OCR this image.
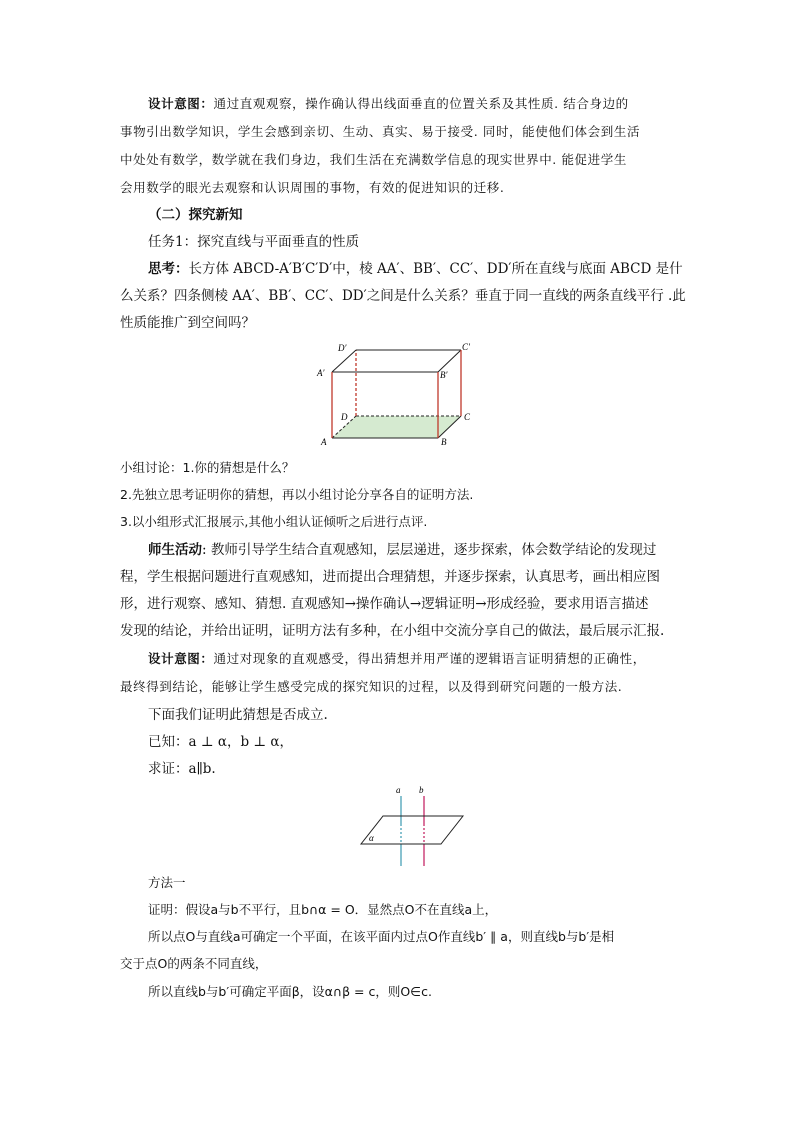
设计意图：通过直观观察，操作确认得出线面垂直的位置关系及其性质. 结合身边的
事物引出数学知识，学生会感到亲切、生动、真实、易于接受. 同时，能使他们体会到生活
中处处有数学，数学就在我们身边，我们生活在充满数学信息的现实世界中. 能促进学生
会用数学的眼光去观察和认识周围的事物，有效的促进知识的迁移.
（二）探究新知
任务1：探究直线与平面垂直的性质
思考：长方体 ABCD-A′B′C′D′中，棱 AA′、BB′、CC′、DD′所在直线与底面 ABCD 是什
么关系？四条侧棱 AA′、BB′、CC′、DD′之间是什么关系？垂直于同一直线的两条直线平行 .此
性质能推广到空间吗？
A	B
C
D
A′	B′
C′
D′
小组讨论：1.你的猜想是什么？
2.先独立思考证明你的猜想，再以小组讨论分享各自的证明方法.
3.以小组形式汇报展示,其他小组认证倾听之后进行点评.
师生活动: 教师引导学生结合直观感知，层层递进，逐步探索，体会数学结论的发现过
程，学生根据问题进行直观感知，进而提出合理猜想，并逐步探索，认真思考，画出相应图
形，进行观察、感知、猜想. 直观感知→操作确认→逻辑证明→形成经验，要求用语言描述
发现的结论，并给出证明，证明方法有多种，在小组中交流分享自己的做法，最后展示汇报.
设计意图：通过对现象的直观感受，得出猜想并用严谨的逻辑语言证明猜想的正确性，
最终得到结论，能够让学生感受完成的探究知识的过程，以及得到研究问题的一般方法.
下面我们证明此猜想是否成立.
已知：a ⊥ α，b ⊥ α，
求证：a∥b.
a b
α
方法一
证明：假设a与b不平行，且b∩α = O．显然点O不在直线a上，
所以点O与直线a可确定一个平面，在该平面内过点O作直线b′ ∥ a，则直线b与b′是相
交于点O的两条不同直线，
所以直线b与b′可确定平面β，设α∩β = c，则O∈c.
